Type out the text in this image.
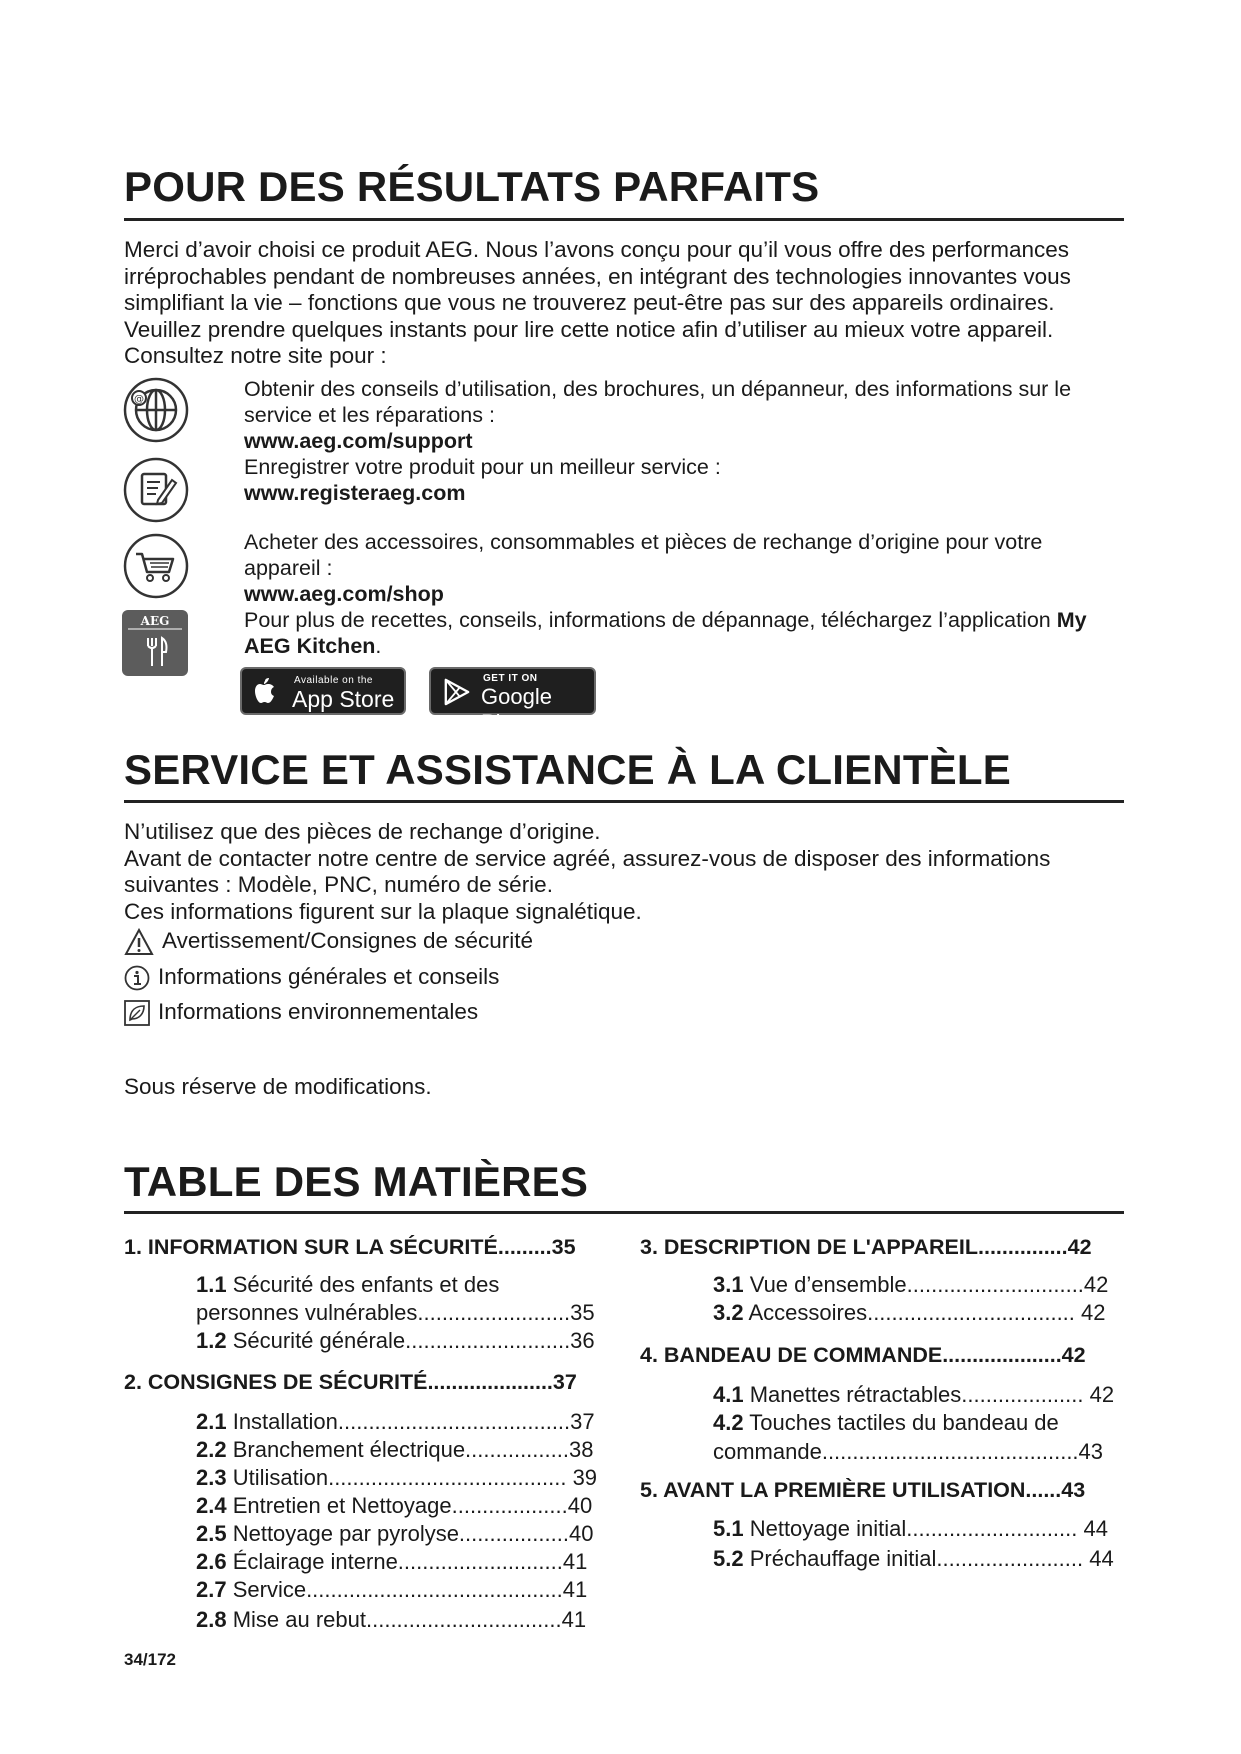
POUR DES RÉSULTATS PARFAITS
Merci d’avoir choisi ce produit AEG. Nous l’avons conçu pour qu’il vous offre des performances
irréprochables pendant de nombreuses années, en intégrant des technologies innovantes vous
simplifiant la vie – fonctions que vous ne trouverez peut-être pas sur des appareils ordinaires.
Veuillez prendre quelques instants pour lire cette notice afin d’utiliser au mieux votre appareil.
Consultez notre site pour :
@	Obtenir des conseils d’utilisation, des brochures, un dépanneur, des informations sur le
service et les réparations :
www.aeg.com/support
Enregistrer votre produit pour un meilleur service :
www.registeraeg.com
Acheter des accessoires, consommables et pièces de rechange d’origine pour votre
appareil :
www.aeg.com/shop
AEG	Pour plus de recettes, conseils, informations de dépannage, téléchargez l’application My
AEG Kitchen.
Available on the
App Store
GET IT ON
Google Play
SERVICE ET ASSISTANCE À LA CLIENTÈLE
N’utilisez que des pièces de rechange d’origine.
Avant de contacter notre centre de service agréé, assurez-vous de disposer des informations
suivantes : Modèle, PNC, numéro de série.
Ces informations figurent sur la plaque signalétique.
Avertissement/Consignes de sécurité
Informations générales et conseils
Informations environnementales
Sous réserve de modifications.
TABLE DES MATIÈRES
1. INFORMATION SUR LA SÉCURITÉ.........35
1.1 Sécurité des enfants et des
personnes vulnérables.........................35
1.2 Sécurité générale...........................36
2. CONSIGNES DE SÉCURITÉ.....................37
2.1 Installation......................................37
2.2 Branchement électrique.................38
2.3 Utilisation....................................... 39
2.4 Entretien et Nettoyage...................40
2.5 Nettoyage par pyrolyse..................40
2.6 Éclairage interne...........................41
2.7 Service..........................................41
2.8 Mise au rebut................................41
3. DESCRIPTION DE L'APPAREIL...............42
3.1 Vue d’ensemble.............................42
3.2 Accessoires.................................. 42
4. BANDEAU DE COMMANDE....................42
4.1 Manettes rétractables.................... 42
4.2 Touches tactiles du bandeau de
commande..........................................43
5. AVANT LA PREMIÈRE UTILISATION......43
5.1 Nettoyage initial............................ 44
5.2 Préchauffage initial........................ 44
34/172
